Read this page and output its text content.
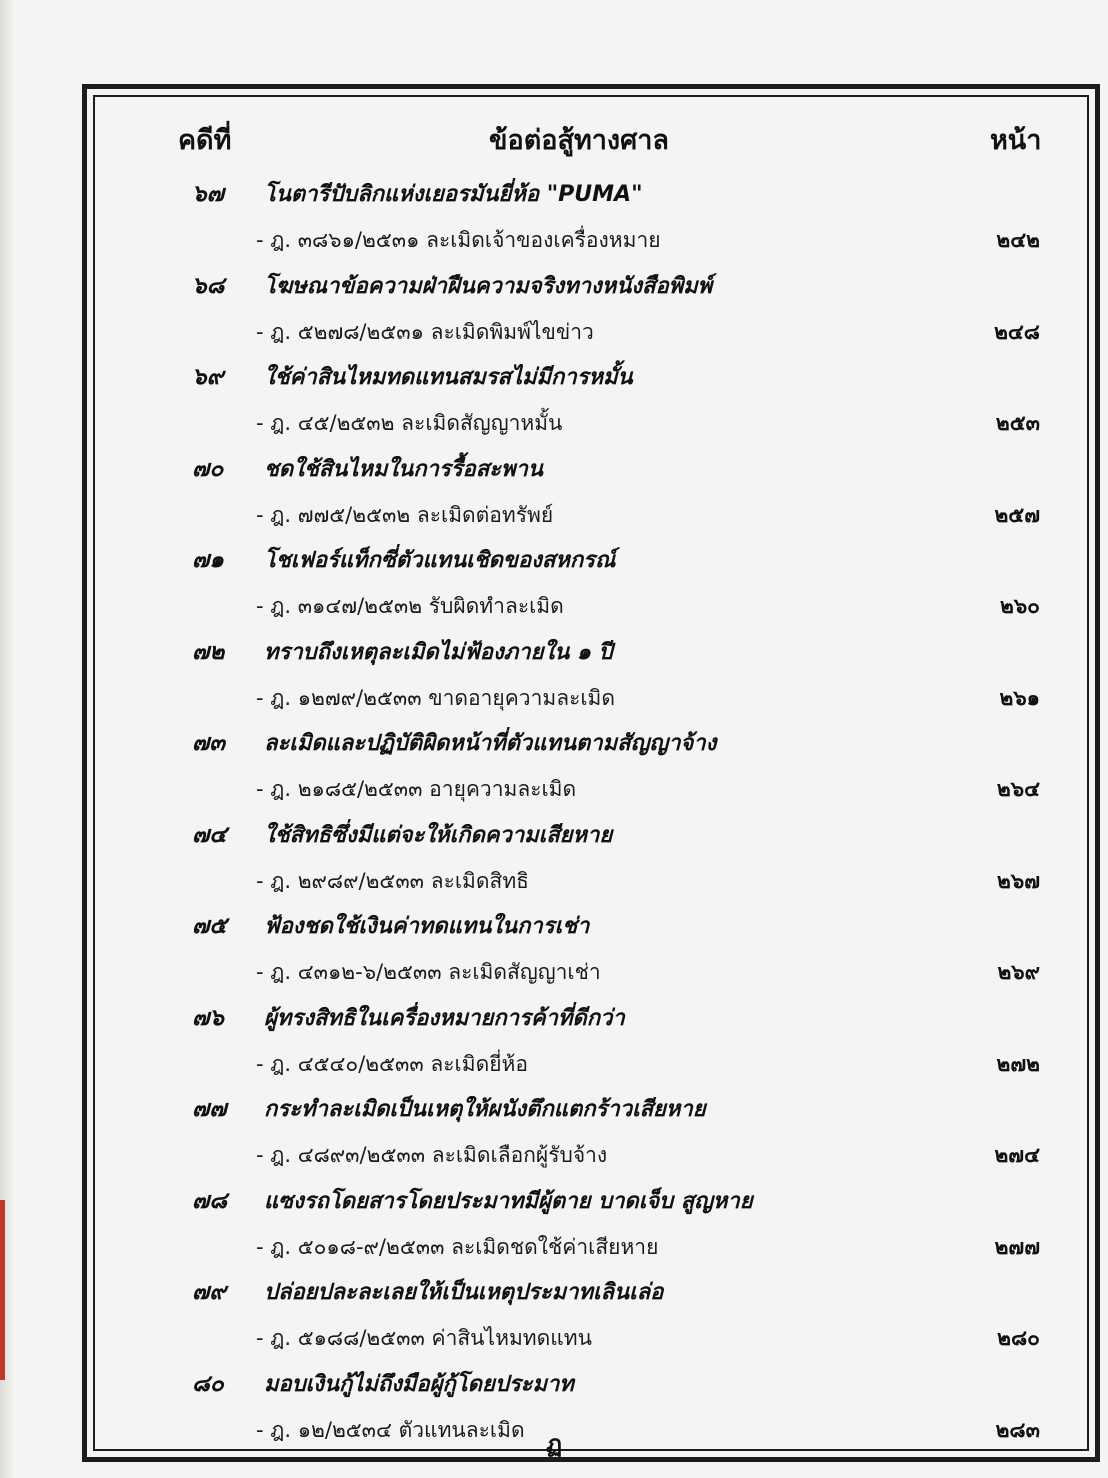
คดีที่	ข้อต่อสู้ทางศาล	หน้า
๖๗	โนตารีปับลิกแห่งเยอรมันยี่ห้อ "PUMA"
- ฎ. ๓๘๖๑/๒๕๓๑ ละเมิดเจ้าของเครื่องหมาย	๒๔๒
๖๘	โฆษณาข้อความฝ่าฝืนความจริงทางหนังสือพิมพ์
- ฎ. ๕๒๗๘/๒๕๓๑ ละเมิดพิมพ์ไขข่าว	๒๔๘
๖๙	ใช้ค่าสินไหมทดแทนสมรสไม่มีการหมั้น
- ฎ. ๔๕/๒๕๓๒ ละเมิดสัญญาหมั้น	๒๕๓
๗๐	ชดใช้สินไหมในการรื้อสะพาน
- ฎ. ๗๗๕/๒๕๓๒ ละเมิดต่อทรัพย์	๒๕๗
๗๑	โชเฟอร์แท็กซี่ตัวแทนเชิดของสหกรณ์
- ฎ. ๓๑๔๗/๒๕๓๒ รับผิดทำละเมิด	๒๖๐
๗๒	ทราบถึงเหตุละเมิดไม่ฟ้องภายใน ๑ ปี
- ฎ. ๑๒๗๙/๒๕๓๓ ขาดอายุความละเมิด	๒๖๑
๗๓	ละเมิดและปฏิบัติผิดหน้าที่ตัวแทนตามสัญญาจ้าง
- ฎ. ๒๑๘๕/๒๕๓๓ อายุความละเมิด	๒๖๔
๗๔	ใช้สิทธิซึ่งมีแต่จะให้เกิดความเสียหาย
- ฎ. ๒๙๘๙/๒๕๓๓ ละเมิดสิทธิ	๒๖๗
๗๕	ฟ้องชดใช้เงินค่าทดแทนในการเช่า
- ฎ. ๔๓๑๒-๖/๒๕๓๓ ละเมิดสัญญาเช่า	๒๖๙
๗๖	ผู้ทรงสิทธิในเครื่องหมายการค้าที่ดีกว่า
- ฎ. ๔๕๔๐/๒๕๓๓ ละเมิดยี่ห้อ	๒๗๒
๗๗	กระทำละเมิดเป็นเหตุให้ผนังตึกแตกร้าวเสียหาย
- ฎ. ๔๘๙๓/๒๕๓๓ ละเมิดเลือกผู้รับจ้าง	๒๗๔
๗๘	แซงรถโดยสารโดยประมาทมีผู้ตาย บาดเจ็บ สูญหาย
- ฎ. ๕๐๑๘-๙/๒๕๓๓ ละเมิดชดใช้ค่าเสียหาย	๒๗๗
๗๙	ปล่อยปละละเลยให้เป็นเหตุประมาทเลินเล่อ
- ฎ. ๕๑๘๘/๒๕๓๓ ค่าสินไหมทดแทน	๒๘๐
๘๐	มอบเงินกู้ไม่ถึงมือผู้กู้โดยประมาท
- ฎ. ๑๒/๒๕๓๔ ตัวแทนละเมิด	๒๘๓
ฏ
